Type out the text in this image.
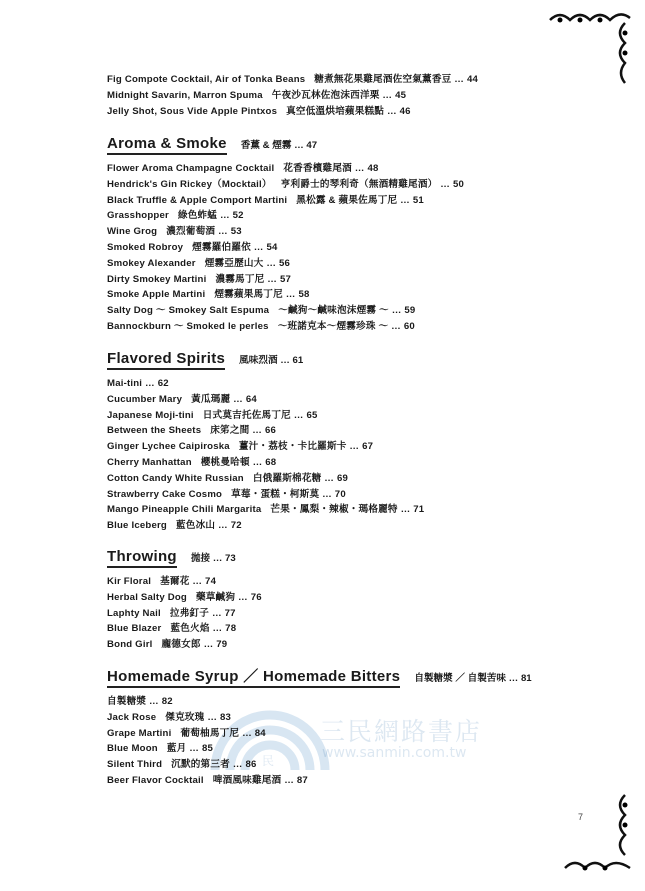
民
三民網路書店
www.sanmin.com.tw
Fig Compote Cocktail, Air of Tonka Beans 糖煮無花果雞尾酒佐空氣薰香豆 … 44
Midnight Savarin, Marron Spuma 午夜沙瓦林佐泡沫西洋栗 … 45
Jelly Shot, Sous Vide Apple Pintxos 真空低溫烘培蘋果糕點 … 46
Aroma & Smoke 香薰 & 煙霧 … 47
Flower Aroma Champagne Cocktail 花香香檳雞尾酒 … 48
Hendrick's Gin Rickey（Mocktail） 亨利爵士的琴利奇（無酒精雞尾酒） … 50
Black Truffle & Apple Comport Martini 黑松露 & 蘋果佐馬丁尼 … 51
Grasshopper 綠色蚱蜢 … 52
Wine Grog 濃烈葡萄酒 … 53
Smoked Robroy 煙霧羅伯羅依 … 54
Smokey Alexander 煙霧亞歷山大 … 56
Dirty Smokey Martini 濃霧馬丁尼 … 57
Smoke Apple Martini 煙霧蘋果馬丁尼 … 58
Salty Dog ～ Smokey Salt Espuma ～鹹狗～鹹味泡沫煙霧 ～ … 59
Bannockburn ～ Smoked le perles ～班諾克本～煙霧珍珠 ～ … 60
Flavored Spirits 風味烈酒 … 61
Mai-tini … 62
Cucumber Mary 黃瓜瑪麗 … 64
Japanese Moji-tini 日式莫吉托佐馬丁尼 … 65
Between the Sheets 床笫之間 … 66
Ginger Lychee Caipiroska 薑汁・荔枝・卡比羅斯卡 … 67
Cherry Manhattan 櫻桃曼哈頓 … 68
Cotton Candy White Russian 白俄羅斯棉花糖 … 69
Strawberry Cake Cosmo 草莓・蛋糕・柯斯莫 … 70
Mango Pineapple Chili Margarita 芒果・鳳梨・辣椒・瑪格麗特 … 71
Blue Iceberg 藍色冰山 … 72
Throwing 拋接 … 73
Kir Floral 基爾花 … 74
Herbal Salty Dog 藥草鹹狗 … 76
Laphty Nail 拉弗釘子 … 77
Blue Blazer 藍色火焰 … 78
Bond Girl 龐德女郎 … 79
Homemade Syrup ／ Homemade Bitters 自製糖漿 ／ 自製苦味 … 81
自製糖漿 … 82
Jack Rose 傑克玫瑰 … 83
Grape Martini 葡萄柚馬丁尼 … 84
Blue Moon 藍月 … 85
Silent Third 沉默的第三者 … 86
Beer Flavor Cocktail 啤酒風味雞尾酒 … 87
7
